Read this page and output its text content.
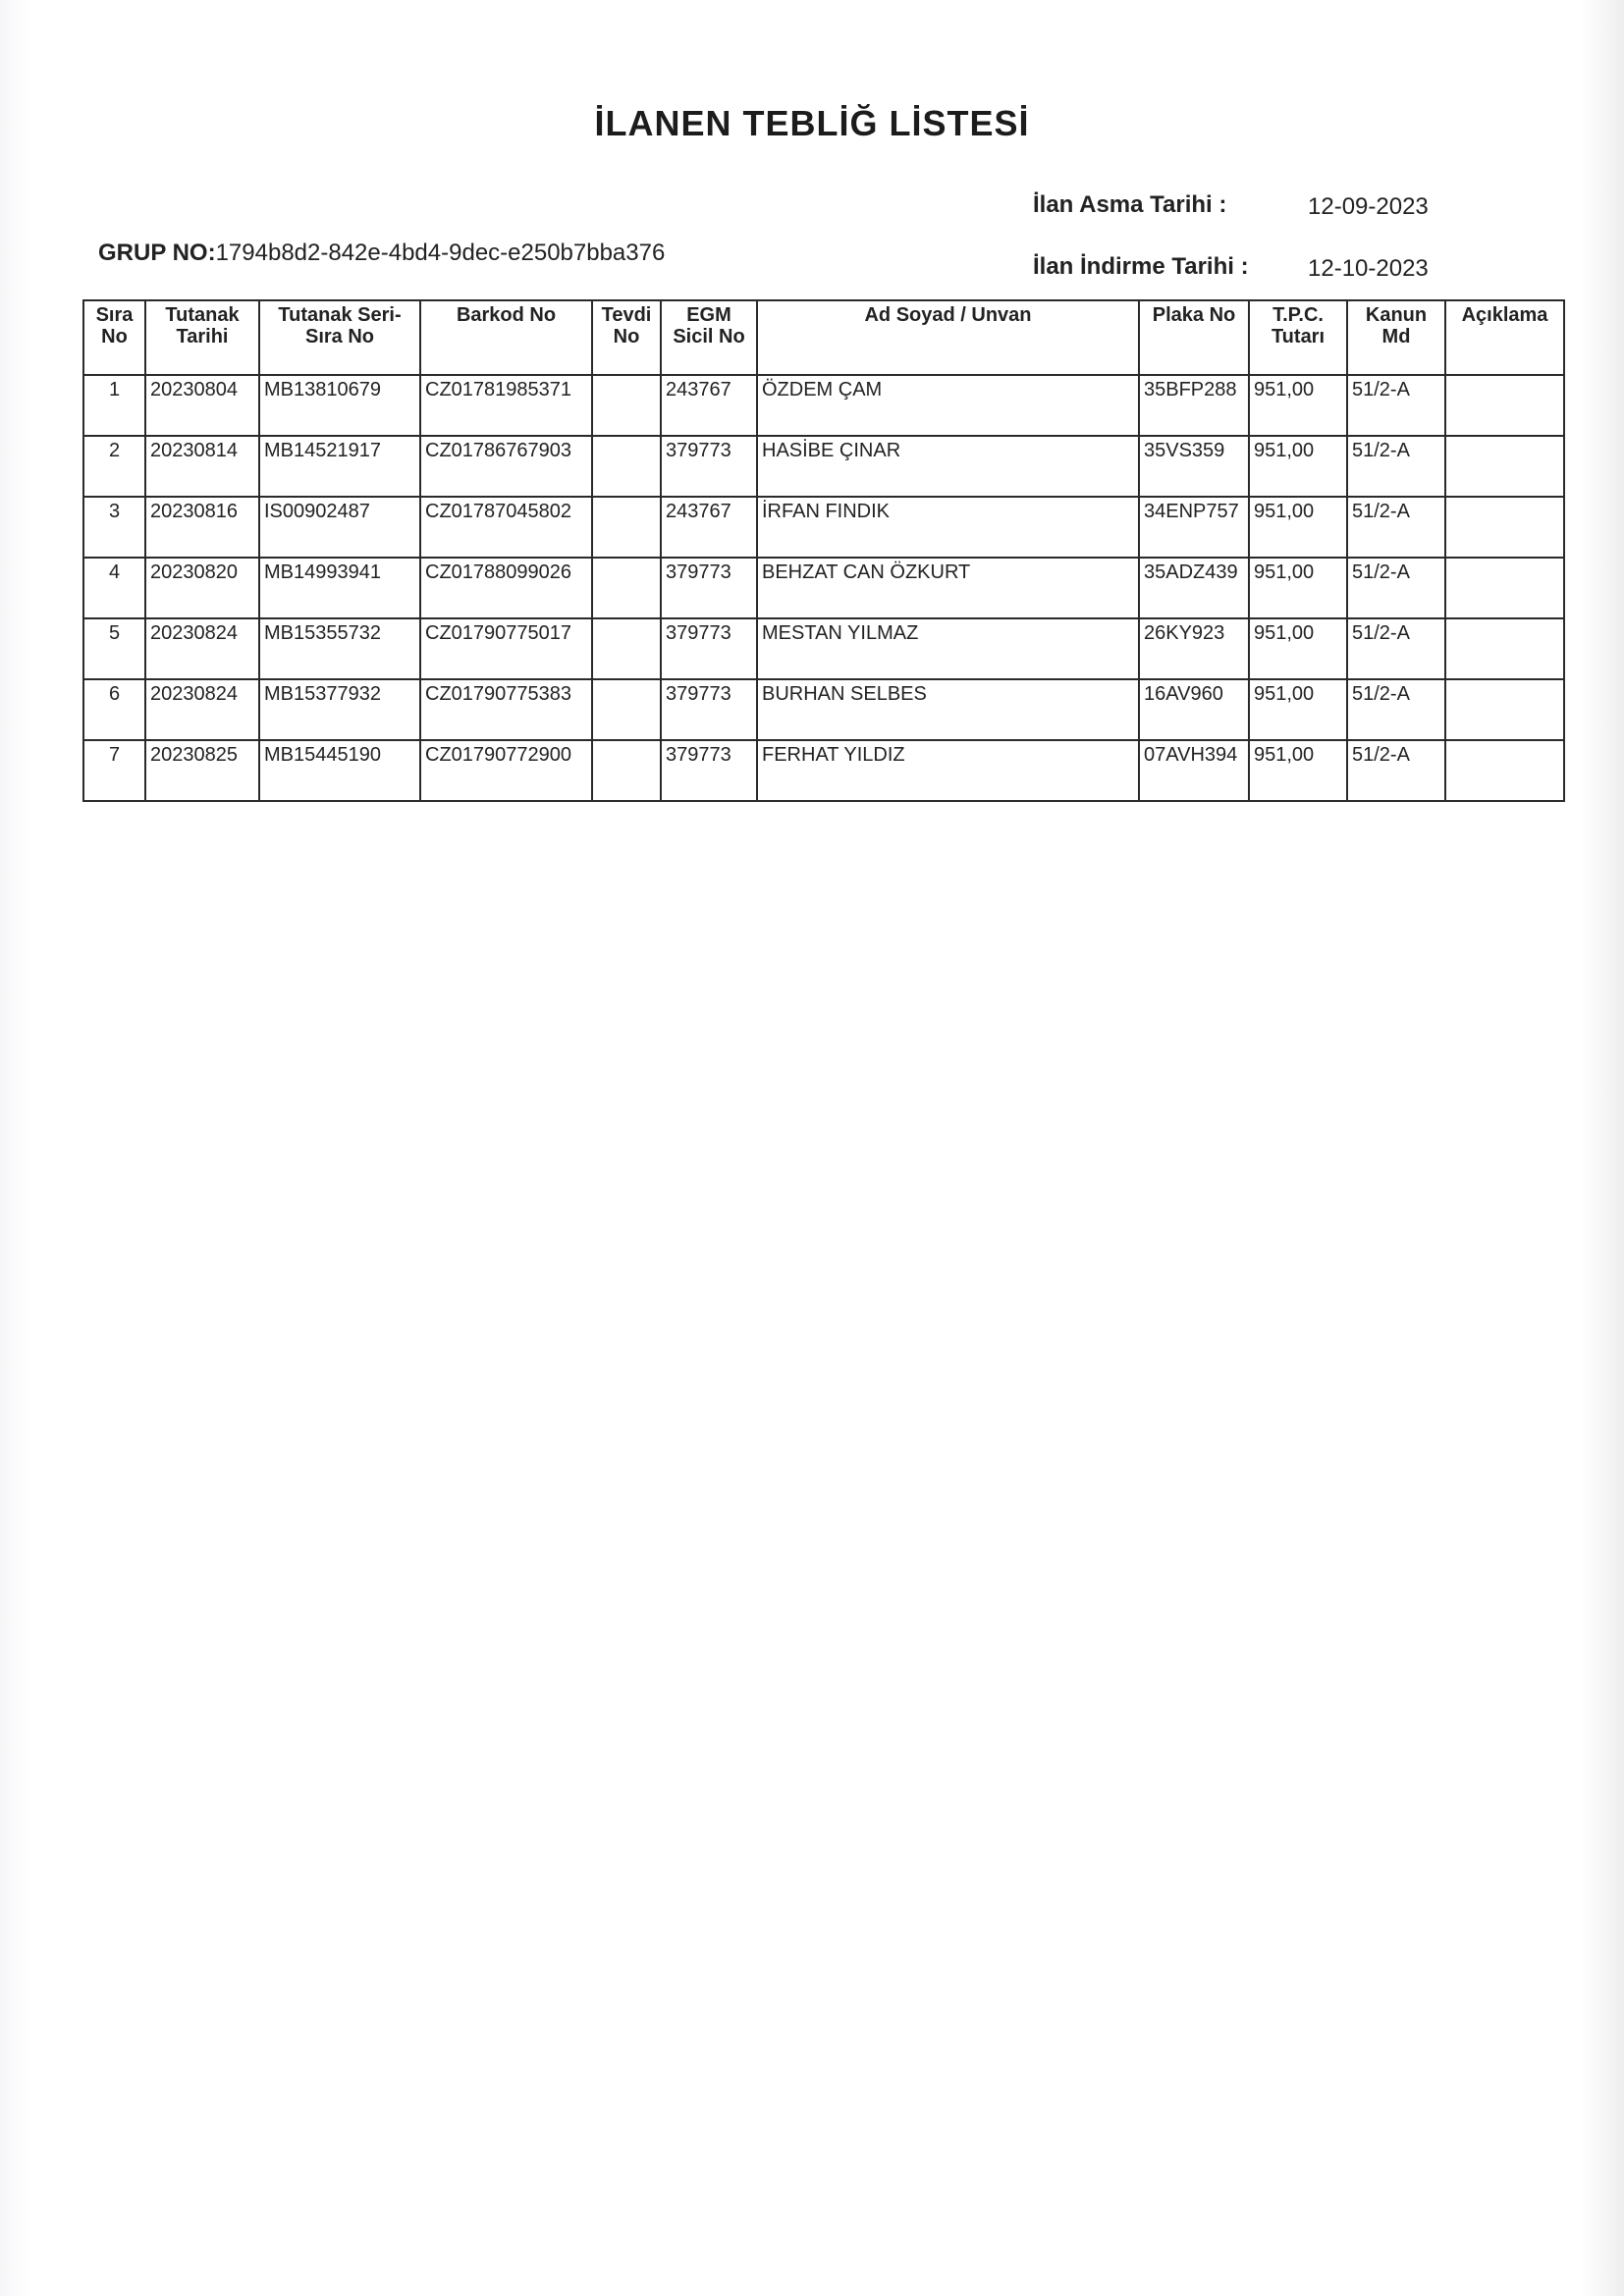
İLANEN TEBLİĞ LİSTESİ
İlan Asma Tarihi :	12-09-2023
GRUP NO:1794b8d2-842e-4bd4-9dec-e250b7bba376
İlan İndirme Tarihi :	12-10-2023
Sıra No	Tutanak Tarihi	Tutanak Seri-Sıra No	Barkod No	Tevdi No	EGM Sicil No	Ad Soyad / Unvan	Plaka No	T.P.C. Tutarı	Kanun Md	Açıklama
1	20230804	MB13810679	CZ01781985371		243767	ÖZDEM ÇAM	35BFP288	951,00	51/2-A	
2	20230814	MB14521917	CZ01786767903		379773	HASİBE ÇINAR	35VS359	951,00	51/2-A	
3	20230816	IS00902487	CZ01787045802		243767	İRFAN FINDIK	34ENP757	951,00	51/2-A	
4	20230820	MB14993941	CZ01788099026		379773	BEHZAT CAN ÖZKURT	35ADZ439	951,00	51/2-A	
5	20230824	MB15355732	CZ01790775017		379773	MESTAN YILMAZ	26KY923	951,00	51/2-A	
6	20230824	MB15377932	CZ01790775383		379773	BURHAN SELBES	16AV960	951,00	51/2-A	
7	20230825	MB15445190	CZ01790772900		379773	FERHAT YILDIZ	07AVH394	951,00	51/2-A	
